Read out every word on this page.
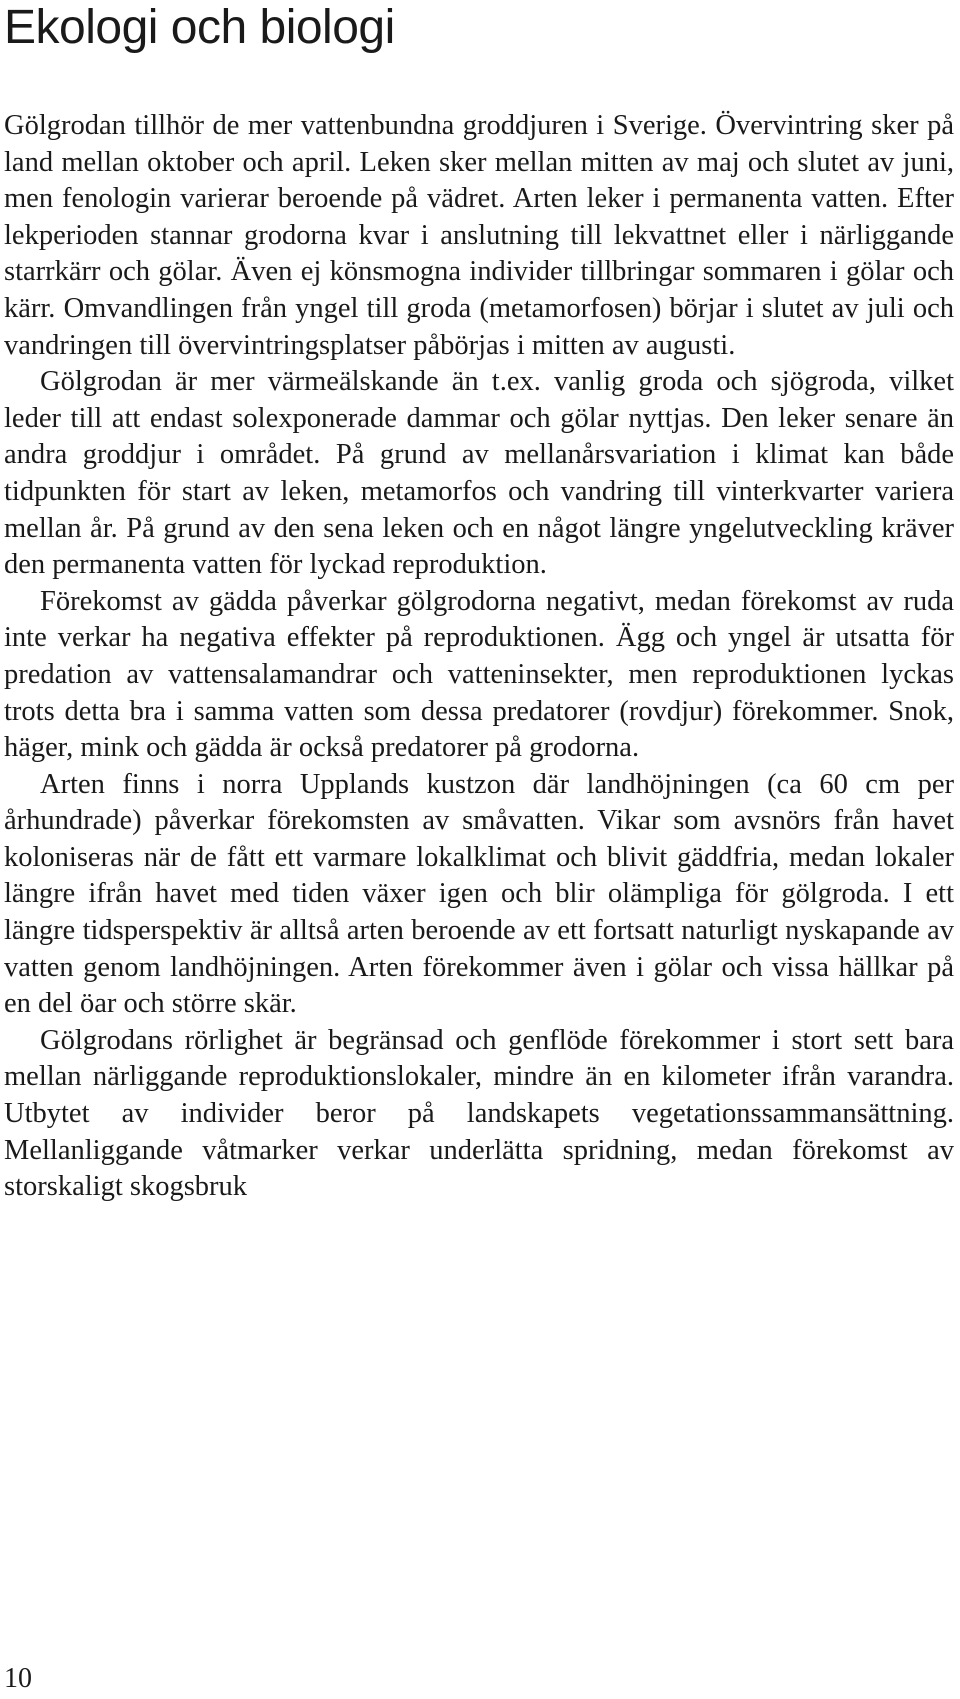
Ekologi och biologi

Gölgrodan tillhör de mer vattenbundna groddjuren i Sverige. Övervintring sker på land mellan oktober och april. Leken sker mellan mitten av maj och slutet av juni, men fenologin varierar beroende på vädret. Arten leker i permanenta vatten. Efter lekperioden stannar grodorna kvar i anslutning till lekvattnet eller i närliggande starrkärr och gölar. Även ej könsmogna individer tillbringar sommaren i gölar och kärr. Omvandlingen från yngel till groda (metamorfosen) börjar i slutet av juli och vandringen till övervintringsplatser påbörjas i mitten av augusti.

Gölgrodan är mer värmeälskande än t.ex. vanlig groda och sjögroda, vilket leder till att endast solexponerade dammar och gölar nyttjas. Den leker senare än andra groddjur i området. På grund av mellanårsvariation i klimat kan både tidpunkten för start av leken, metamorfos och vandring till vinterkvarter variera mellan år. På grund av den sena leken och en något längre yngelutveckling kräver den permanenta vatten för lyckad reproduktion.

Förekomst av gädda påverkar gölgrodorna negativt, medan förekomst av ruda inte verkar ha negativa effekter på reproduktionen. Ägg och yngel är utsatta för predation av vattensalamandrar och vatteninsekter, men reproduktionen lyckas trots detta bra i samma vatten som dessa predatorer (rovdjur) förekommer. Snok, häger, mink och gädda är också predatorer på grodorna.

Arten finns i norra Upplands kustzon där landhöjningen (ca 60 cm per århundrade) påverkar förekomsten av småvatten. Vikar som avsnörs från havet koloniseras när de fått ett varmare lokalklimat och blivit gäddfria, medan lokaler längre ifrån havet med tiden växer igen och blir olämpliga för gölgroda. I ett längre tidsperspektiv är alltså arten beroende av ett fortsatt naturligt nyskapande av vatten genom landhöjningen. Arten förekommer även i gölar och vissa hällkar på en del öar och större skär.

Gölgrodans rörlighet är begränsad och genflöde förekommer i stort sett bara mellan närliggande reproduktionslokaler, mindre än en kilometer ifrån varandra. Utbytet av individer beror på landskapets vegetationssammansättning. Mellanliggande våtmarker verkar underlätta spridning, medan förekomst av storskaligt skogsbruk

10
